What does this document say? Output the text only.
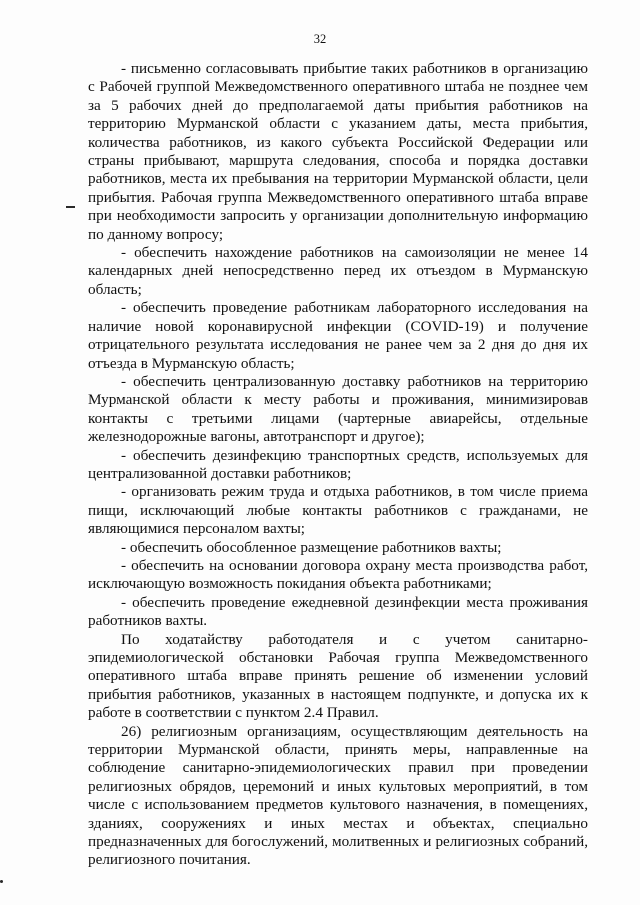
32

- письменно согласовывать прибытие таких работников в организацию с Рабочей группой Межведомственного оперативного штаба не позднее чем за 5 рабочих дней до предполагаемой даты прибытия работников на территорию Мурманской области с указанием даты, места прибытия, количества работников, из какого субъекта Российской Федерации или страны прибывают, маршрута следования, способа и порядка доставки работников, места их пребывания на территории Мурманской области, цели прибытия. Рабочая группа Межведомственного оперативного штаба вправе при необходимости запросить у организации дополнительную информацию по данному вопросу;

- обеспечить нахождение работников на самоизоляции не менее 14 календарных дней непосредственно перед их отъездом в Мурманскую область;

- обеспечить проведение работникам лабораторного исследования на наличие новой коронавирусной инфекции (COVID-19) и получение отрицательного результата исследования не ранее чем за 2 дня до дня их отъезда в Мурманскую область;

- обеспечить централизованную доставку работников на территорию Мурманской области к месту работы и проживания, минимизировав контакты с третьими лицами (чартерные авиарейсы, отдельные железнодорожные вагоны, автотранспорт и другое);

- обеспечить дезинфекцию транспортных средств, используемых для централизованной доставки работников;

- организовать режим труда и отдыха работников, в том числе приема пищи, исключающий любые контакты работников с гражданами, не являющимися персоналом вахты;

- обеспечить обособленное размещение работников вахты;

- обеспечить на основании договора охрану места производства работ, исключающую возможность покидания объекта работниками;

- обеспечить проведение ежедневной дезинфекции места проживания работников вахты.

По ходатайству работодателя и с учетом санитарно-эпидемиологической обстановки Рабочая группа Межведомственного оперативного штаба вправе принять решение об изменении условий прибытия работников, указанных в настоящем подпункте, и допуска их к работе в соответствии с пунктом 2.4 Правил.

26) религиозным организациям, осуществляющим деятельность на территории Мурманской области, принять меры, направленные на соблюдение санитарно-эпидемиологических правил при проведении религиозных обрядов, церемоний и иных культовых мероприятий, в том числе с использованием предметов культового назначения, в помещениях, зданиях, сооружениях и иных местах и объектах, специально предназначенных для богослужений, молитвенных и религиозных собраний, религиозного почитания.
